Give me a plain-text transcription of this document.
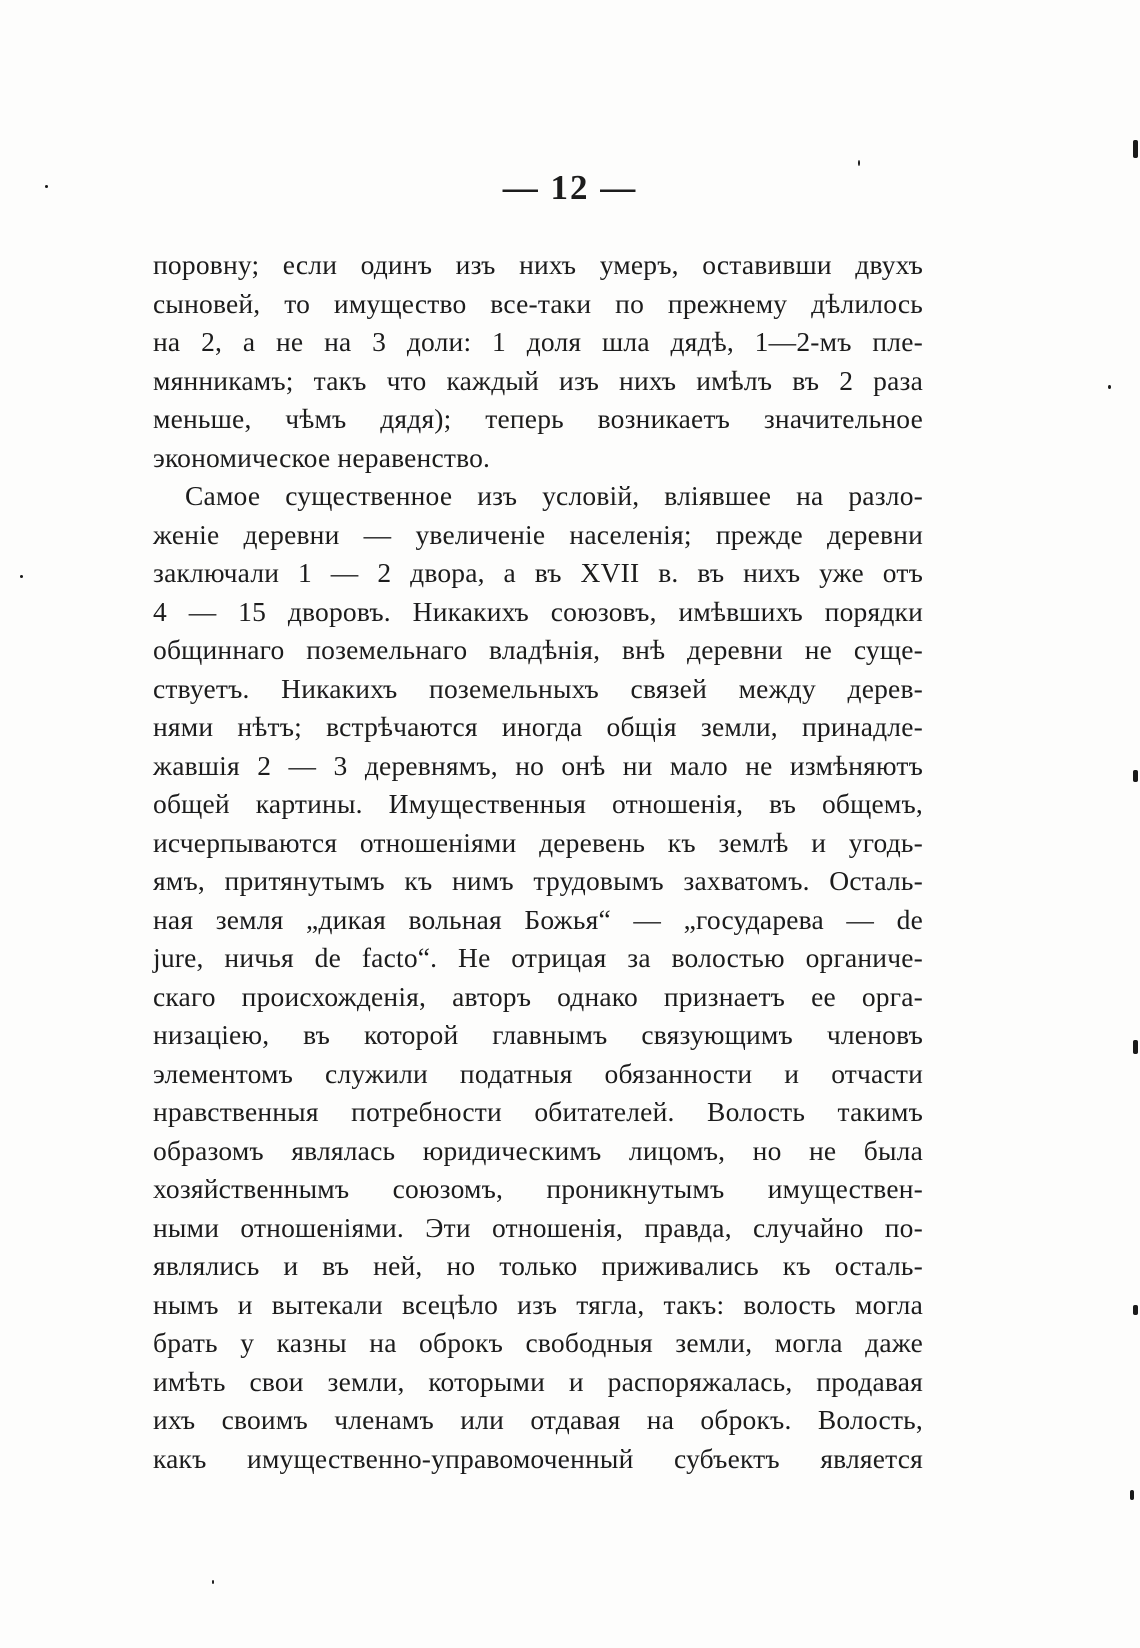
— 12 —
поровну; если одинъ изъ нихъ умеръ, оставивши двухъ
сыновей, то имущество все-таки по прежнему дѣлилось
на 2, а не на 3 доли: 1 доля шла дядѣ, 1—2-мъ пле-
мянникамъ; такъ что каждый изъ нихъ имѣлъ въ 2 раза
меньше, чѣмъ дядя); теперь возникаетъ значительное
экономическое неравенство.
Самое существенное изъ условій, вліявшее на разло-
женіе деревни — увеличеніе населенія; прежде деревни
заключали 1 — 2 двора, а въ XVII в. въ нихъ уже отъ
4 — 15 дворовъ. Никакихъ союзовъ, имѣвшихъ порядки
общиннаго поземельнаго владѣнія, внѣ деревни не суще-
ствуетъ. Никакихъ поземельныхъ связей между дерев-
нями нѣтъ; встрѣчаются иногда общія земли, принадле-
жавшія 2 — 3 деревнямъ, но онѣ ни мало не измѣняютъ
общей картины. Имущественныя отношенія, въ общемъ,
исчерпываются отношеніями деревень къ землѣ и угодь-
ямъ, притянутымъ къ нимъ трудовымъ захватомъ. Осталь-
ная земля „дикая вольная Божья“ — „государева — de
jure, ничья de facto“. Не отрицая за волостью органиче-
скаго происхожденія, авторъ однако признаетъ ее орга-
низаціею, въ которой главнымъ связующимъ членовъ
элементомъ служили податныя обязанности и отчасти
нравственныя потребности обитателей. Волость такимъ
образомъ являлась юридическимъ лицомъ, но не была
хозяйственнымъ союзомъ, проникнутымъ имуществен-
ными отношеніями. Эти отношенія, правда, случайно по-
являлись и въ ней, но только приживались къ осталь-
нымъ и вытекали всецѣло изъ тягла, такъ: волость могла
брать у казны на оброкъ свободныя земли, могла даже
имѣть свои земли, которыми и распоряжалась, продавая
ихъ своимъ членамъ или отдавая на оброкъ. Волость,
какъ имущественно-управомоченный субъектъ является
